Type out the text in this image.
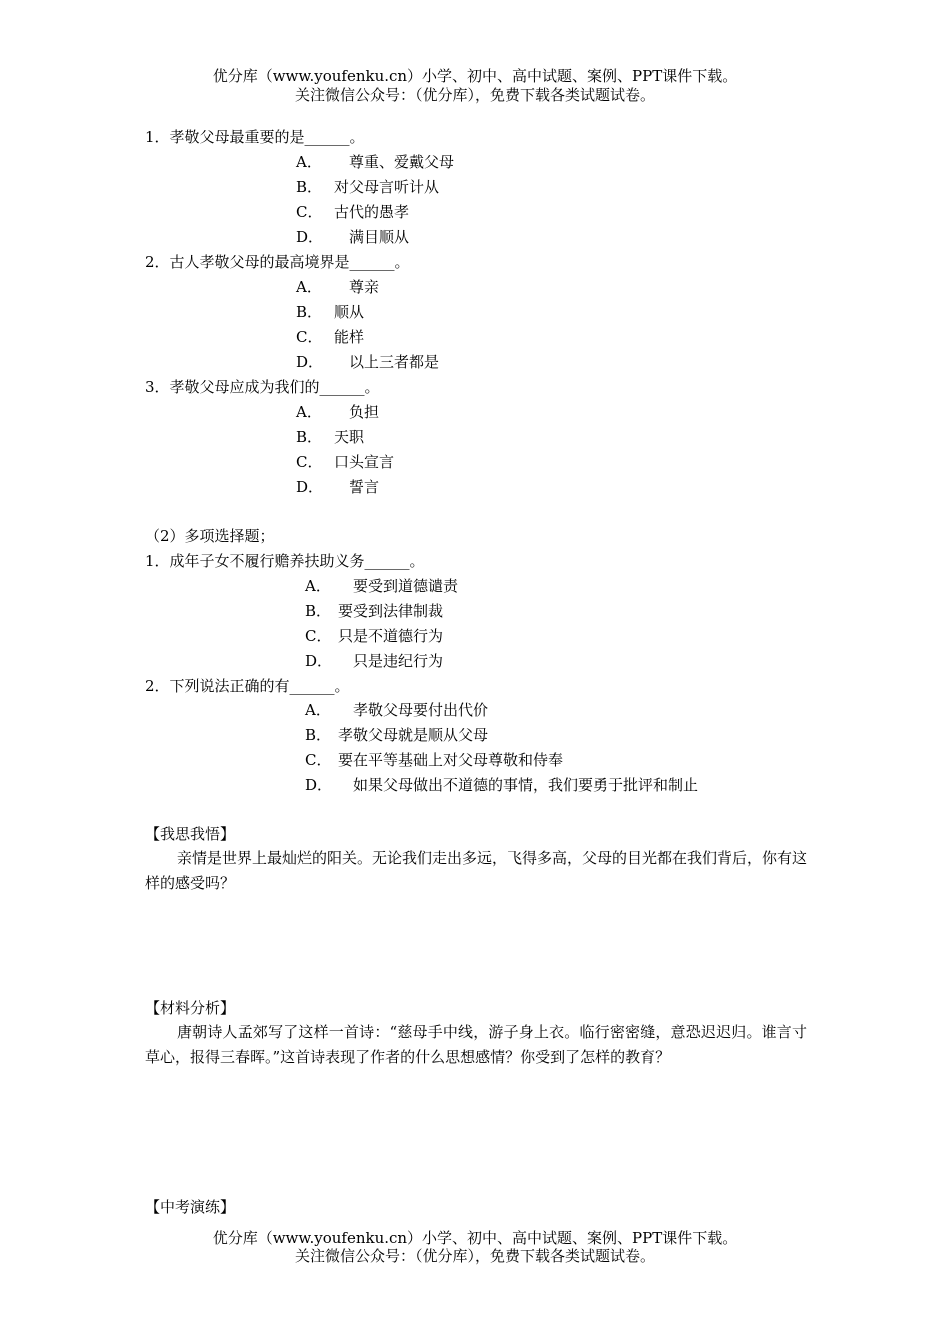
优分库（www.youfenku.cn）小学、初中、高中试题、案例、PPT课件下载。
关注微信公众号：（优分库），免费下载各类试题试卷。
1．孝敬父母最重要的是______。
A．　尊重、爱戴父母
B． 对父母言听计从
C． 古代的愚孝
D．　满目顺从
2．古人孝敬父母的最高境界是______。
A．　尊亲
B． 顺从
C． 能样
D．　以上三者都是
3．孝敬父母应成为我们的______。
A．　负担
B． 天职
C． 口头宣言
D．　誓言
（2）多项选择题；
1．成年子女不履行赡养扶助义务______。
A．　要受到道德谴责
B． 要受到法律制裁
C． 只是不道德行为
D．　只是违纪行为
2．下列说法正确的有______。
A．　孝敬父母要付出代价
B． 孝敬父母就是顺从父母
C． 要在平等基础上对父母尊敬和侍奉
D．　如果父母做出不道德的事情，我们要勇于批评和制止
【我思我悟】
亲情是世界上最灿烂的阳关。无论我们走出多远，飞得多高，父母的目光都在我们背后，你有这样的感受吗？
【材料分析】
唐朝诗人孟郊写了这样一首诗：“慈母手中线，游子身上衣。临行密密缝，意恐迟迟归。谁言寸草心，报得三春晖。”这首诗表现了作者的什么思想感情？你受到了怎样的教育？
【中考演练】
优分库（www.youfenku.cn）小学、初中、高中试题、案例、PPT课件下载。
关注微信公众号：（优分库），免费下载各类试题试卷。
